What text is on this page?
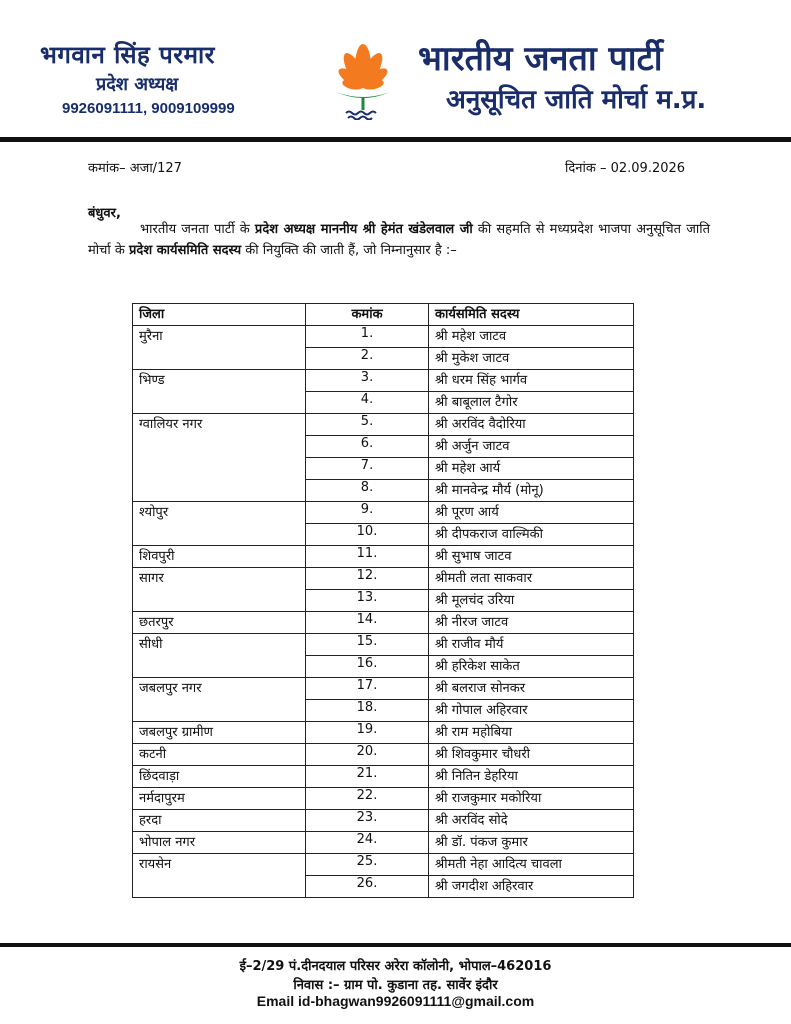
भगवान सिंह परमार
प्रदेश अध्यक्ष
9926091111, 9009109999
भारतीय जनता पार्टी
अनुसूचित जाति मोर्चा म.प्र.
कमांक– अजा/127	दिनांक – 02.09.2026
बंधुवर,
भारतीय जनता पार्टी के प्रदेश अध्यक्ष माननीय श्री हेमंत खंडेलवाल जी की सहमति से मध्यप्रदेश भाजपा अनुसूचित जाति मोर्चा के प्रदेश कार्यसमिति सदस्य की नियुक्ति की जाती हैं, जो निम्नानुसार है :–
जिला	कमांक	कार्यसमिति सदस्य
मुरैना	1.	श्री महेश जाटव
	2.	श्री मुकेश जाटव
भिण्ड	3.	श्री धरम सिंह भार्गव
	4.	श्री बाबूलाल टैगोर
ग्वालियर नगर	5.	श्री अरविंद वैदोरिया
	6.	श्री अर्जुन जाटव
	7.	श्री महेश आर्य
	8.	श्री मानवेन्द्र मौर्य (मोनू)
श्योपुर	9.	श्री पूरण आर्य
	10.	श्री दीपकराज वाल्मिकी
शिवपुरी	11.	श्री सुभाष जाटव
सागर	12.	श्रीमती लता साकवार
	13.	श्री मूलचंद उरिया
छतरपुर	14.	श्री नीरज जाटव
सीधी	15.	श्री राजीव मौर्य
	16.	श्री हरिकेश साकेत
जबलपुर नगर	17.	श्री बलराज सोनकर
	18.	श्री गोपाल अहिरवार
जबलपुर ग्रामीण	19.	श्री राम महोबिया
कटनी	20.	श्री शिवकुमार चौधरी
छिंदवाड़ा	21.	श्री नितिन डेहरिया
नर्मदापुरम	22.	श्री राजकुमार मकोरिया
हरदा	23.	श्री अरविंद सोदे
भोपाल नगर	24.	श्री डॉ. पंकज कुमार
रायसेन	25.	श्रीमती नेहा आदित्य चावला
	26.	श्री जगदीश अहिरवार
ई–2/29 पं.दीनदयाल परिसर अरेरा कॉलोनी, भोपाल–462016
निवास :– ग्राम पो. कुडाना तह. सावेंर इंदौर
Email id-bhagwan9926091111@gmail.com
